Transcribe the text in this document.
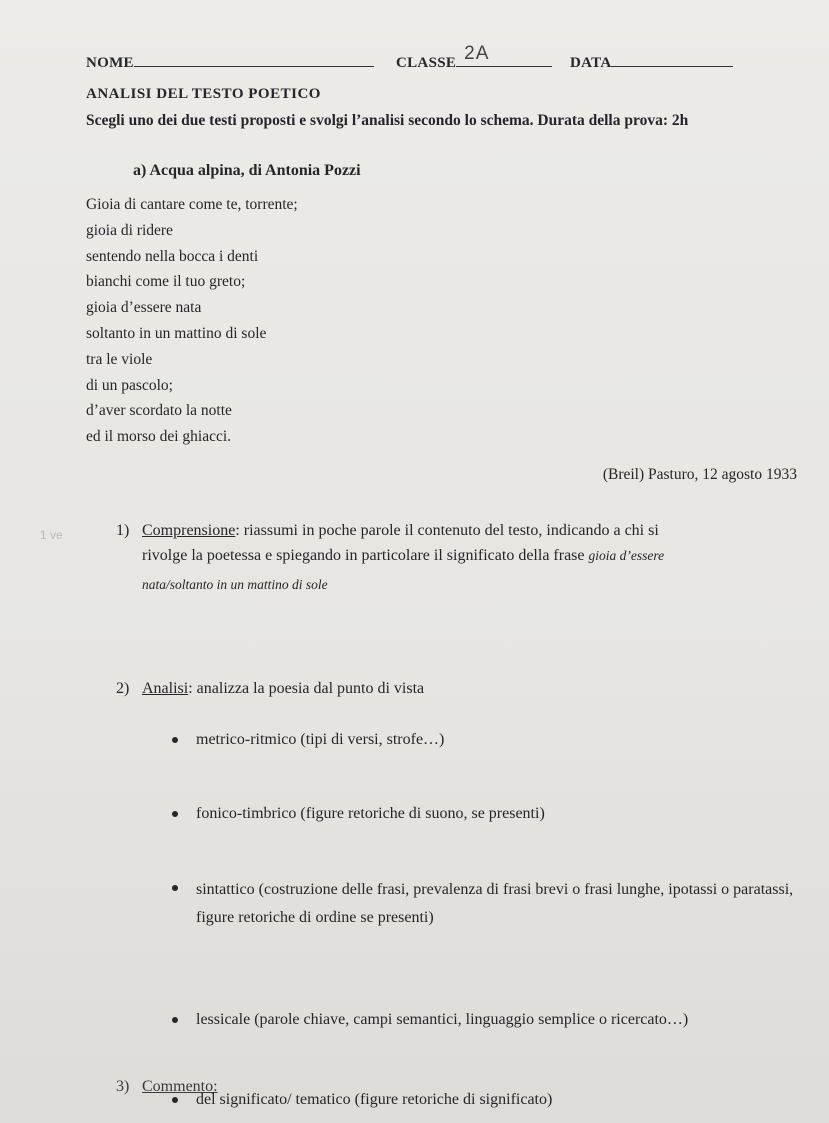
NOME	CLASSE 2A	DATA
ANALISI DEL TESTO POETICO
Scegli uno dei due testi proposti e svolgi l’analisi secondo lo schema. Durata della prova: 2h
a) Acqua alpina, di Antonia Pozzi
Gioia di cantare come te, torrente;
gioia di ridere
sentendo nella bocca i denti
bianchi come il tuo greto;
gioia d’essere nata
soltanto in un mattino di sole
tra le viole
di un pascolo;
d’aver scordato la notte
ed il morso dei ghiacci.
(Breil) Pasturo, 12 agosto 1933
1 ve	1) Comprensione: riassumi in poche parole il contenuto del testo, indicando a chi si
rivolge la poetessa e spiegando in particolare il significato della frase gioia d’essere
nata/soltanto in un mattino di sole
2) Analisi: analizza la poesia dal punto di vista
metrico-ritmico (tipi di versi, strofe…)
fonico-timbrico (figure retoriche di suono, se presenti)
sintattico (costruzione delle frasi, prevalenza di frasi brevi o frasi lunghe, ipotassi o paratassi, figure retoriche di ordine se presenti)
lessicale (parole chiave, campi semantici, linguaggio semplice o ricercato…)
del significato/ tematico (figure retoriche di significato)
3) Commento:
